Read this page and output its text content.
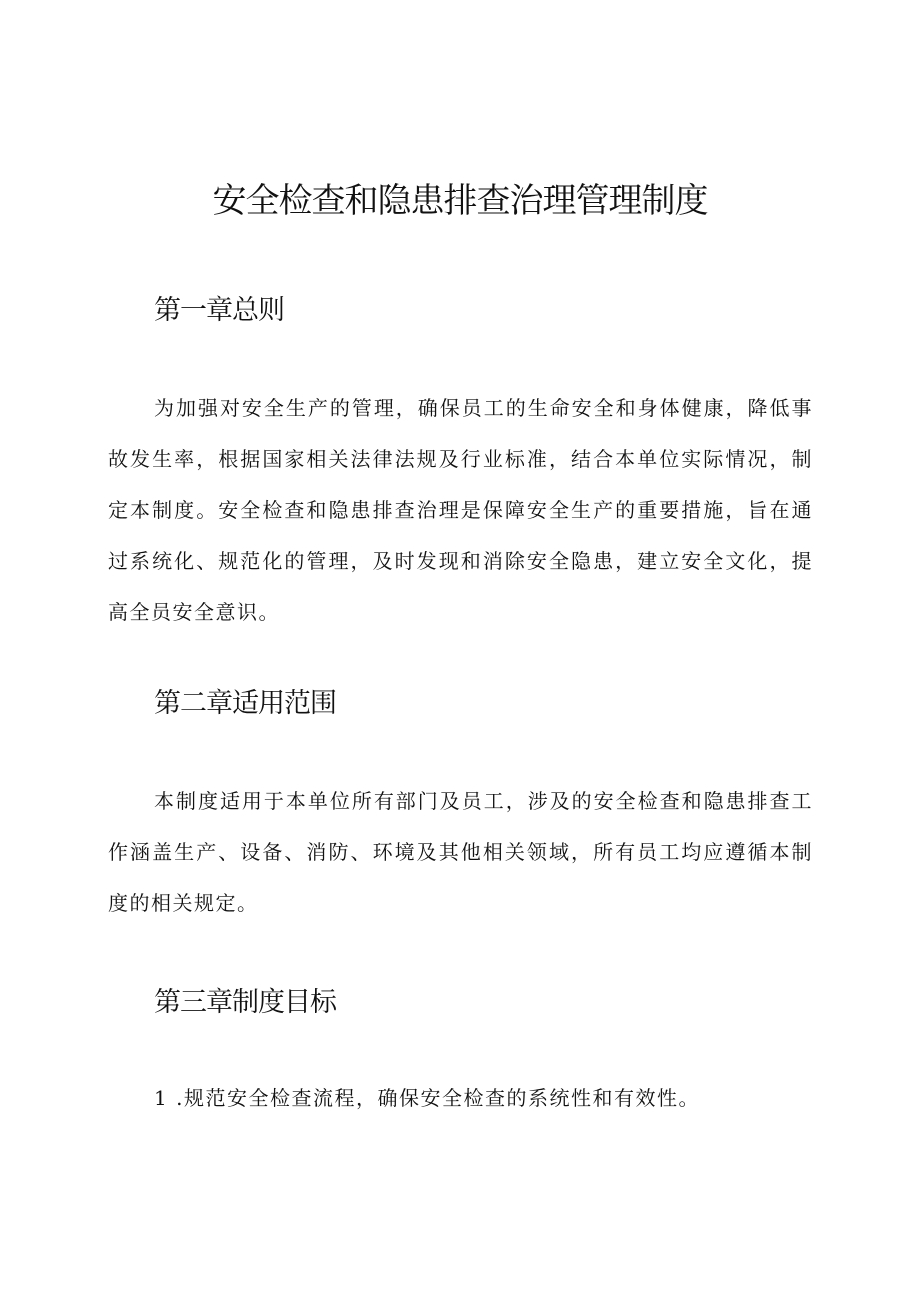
安全检查和隐患排查治理管理制度
第一章总则

为加强对安全生产的管理，确保员工的生命安全和身体健康，降低事故发生率，根据国家相关法律法规及行业标准，结合本单位实际情况，制定本制度。安全检查和隐患排查治理是保障安全生产的重要措施，旨在通过系统化、规范化的管理，及时发现和消除安全隐患，建立安全文化，提高全员安全意识。

第二章适用范围

本制度适用于本单位所有部门及员工，涉及的安全检查和隐患排查工作涵盖生产、设备、消防、环境及其他相关领域，所有员工均应遵循本制度的相关规定。

第三章制度目标

1 .规范安全检查流程，确保安全检查的系统性和有效性。
